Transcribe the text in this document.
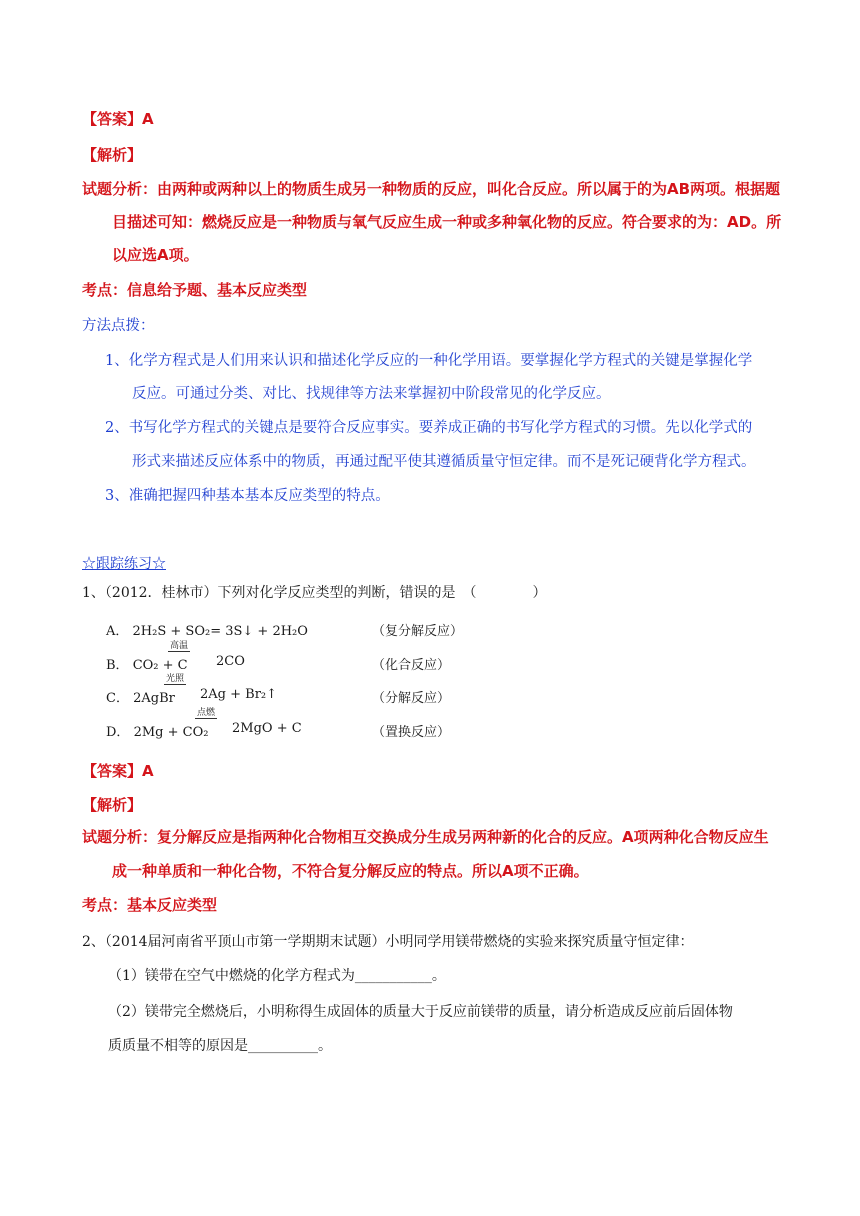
【答案】A
【解析】
试题分析：由两种或两种以上的物质生成另一种物质的反应，叫化合反应。所以属于的为AB两项。根据题
目描述可知：燃烧反应是一种物质与氧气反应生成一种或多种氧化物的反应。符合要求的为：AD。所
以应选A项。
考点：信息给予题、基本反应类型
方法点拨：
1、化学方程式是人们用来认识和描述化学反应的一种化学用语。要掌握化学方程式的关键是掌握化学
反应。可通过分类、对比、找规律等方法来掌握初中阶段常见的化学反应。
2、书写化学方程式的关键点是要符合反应事实。要养成正确的书写化学方程式的习惯。先以化学式的
形式来描述反应体系中的物质，再通过配平使其遵循质量守恒定律。而不是死记硬背化学方程式。
3、准确把握四种基本基本反应类型的特点。
☆跟踪练习☆
1、（2012．桂林市）下列对化学反应类型的判断，错误的是　（　　　　）
A． 2H₂S + SO₂= 3S↓ + 2H₂O	（复分解反应）
B． CO₂ + C
高温
2CO	（化合反应）
C． 2AgBr
光照
2Ag + Br₂↑	（分解反应）
D． 2Mg + CO₂
点燃
2MgO + C	（置换反应）
【答案】A
【解析】
试题分析：复分解反应是指两种化合物相互交换成分生成另两种新的化合的反应。A项两种化合物反应生
成一种单质和一种化合物，不符合复分解反应的特点。所以A项不正确。
考点：基本反应类型
2、（2014届河南省平顶山市第一学期期末试题）小明同学用镁带燃烧的实验来探究质量守恒定律：
（1）镁带在空气中燃烧的化学方程式为___________。
（2）镁带完全燃烧后，小明称得生成固体的质量大于反应前镁带的质量，请分析造成反应前后固体物
质质量不相等的原因是__________。
